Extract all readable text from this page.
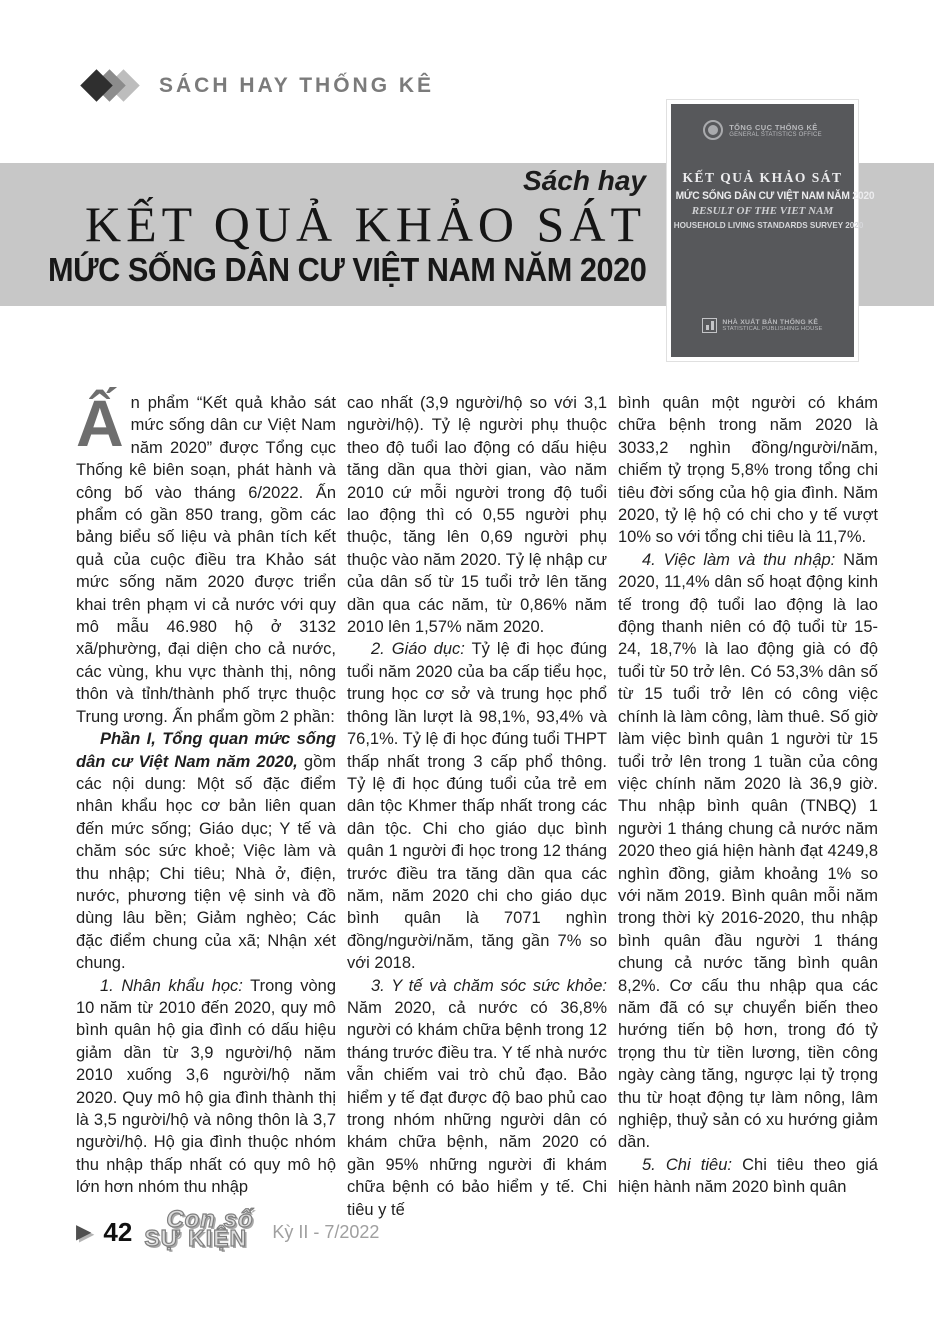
SÁCH HAY THỐNG KÊ
Sách hay
KẾT QUẢ KHẢO SÁT
MỨC SỐNG DÂN CƯ VIỆT NAM NĂM 2020
TỔNG CỤC THỐNG KÊ
GENERAL STATISTICS OFFICE
KẾT QUẢ KHẢO SÁT
MỨC SỐNG DÂN CƯ VIỆT NAM NĂM 2020
RESULT OF THE VIET NAM
HOUSEHOLD LIVING STANDARDS SURVEY 2020
NHÀ XUẤT BẢN THỐNG KÊ
STATISTICAL PUBLISHING HOUSE

Ấn phẩm “Kết quả khảo sát mức sống dân cư Việt Nam năm 2020” được Tổng cục Thống kê biên soạn, phát hành và công bố vào tháng 6/2022. Ấn phẩm có gần 850 trang, gồm các bảng biểu số liệu và phân tích kết quả của cuộc điều tra Khảo sát mức sống năm 2020 được triển khai trên phạm vi cả nước với quy mô mẫu 46.980 hộ ở 3132 xã/phường, đại diện cho cả nước, các vùng, khu vực thành thị, nông thôn và tỉnh/thành phố trực thuộc Trung ương. Ấn phẩm gồm 2 phần:

Phần I, Tổng quan mức sống dân cư Việt Nam năm 2020, gồm các nội dung: Một số đặc điểm nhân khẩu học cơ bản liên quan đến mức sống; Giáo dục; Y tế và chăm sóc sức khoẻ; Việc làm và thu nhập; Chi tiêu; Nhà ở, điện, nước, phương tiện vệ sinh và đồ dùng lâu bền; Giảm nghèo; Các đặc điểm chung của xã; Nhận xét chung.

1. Nhân khẩu học: Trong vòng 10 năm từ 2010 đến 2020, quy mô bình quân hộ gia đình có dấu hiệu giảm dần từ 3,9 người/hộ năm 2010 xuống 3,6 người/hộ năm 2020. Quy mô hộ gia đình thành thị là 3,5 người/hộ và nông thôn là 3,7 người/hộ. Hộ gia đình thuộc nhóm thu nhập thấp nhất có quy mô hộ lớn hơn nhóm thu nhập

cao nhất (3,9 người/hộ so với 3,1 người/hộ). Tỷ lệ người phụ thuộc theo độ tuổi lao động có dấu hiệu tăng dần qua thời gian, vào năm 2010 cứ mỗi người trong độ tuổi lao động thì có 0,55 người phụ thuộc, tăng lên 0,69 người phụ thuộc vào năm 2020. Tỷ lệ nhập cư của dân số từ 15 tuổi trở lên tăng dần qua các năm, từ 0,86% năm 2010 lên 1,57% năm 2020.

2. Giáo dục: Tỷ lệ đi học đúng tuổi năm 2020 của ba cấp tiểu học, trung học cơ sở và trung học phổ thông lần lượt là 98,1%, 93,4% và 76,1%. Tỷ lệ đi học đúng tuổi THPT thấp nhất trong 3 cấp phổ thông. Tỷ lệ đi học đúng tuổi của trẻ em dân tộc Khmer thấp nhất trong các dân tộc. Chi cho giáo dục bình quân 1 người đi học trong 12 tháng trước điều tra tăng dần qua các năm, năm 2020 chi cho giáo dục bình quân là 7071 nghìn đồng/người/năm, tăng gần 7% so với 2018.

3. Y tế và chăm sóc sức khỏe: Năm 2020, cả nước có 36,8% người có khám chữa bệnh trong 12 tháng trước điều tra. Y tế nhà nước vẫn chiếm vai trò chủ đạo. Bảo hiểm y tế đạt được độ bao phủ cao trong nhóm những người dân có khám chữa bệnh, năm 2020 có gần 95% những người đi khám chữa bệnh có bảo hiểm y tế. Chi tiêu y tế

bình quân một người có khám chữa bệnh trong năm 2020 là 3033,2 nghìn đồng/người/năm, chiếm tỷ trọng 5,8% trong tổng chi tiêu đời sống của hộ gia đình. Năm 2020, tỷ lệ hộ có chi cho y tế vượt 10% so với tổng chi tiêu là 11,7%.

4. Việc làm và thu nhập: Năm 2020, 11,4% dân số hoạt động kinh tế trong độ tuổi lao động là lao động thanh niên có độ tuổi từ 15-24, 18,7% là lao động già có độ tuổi từ 50 trở lên. Có 53,3% dân số từ 15 tuổi trở lên có công việc chính là làm công, làm thuê. Số giờ làm việc bình quân 1 người từ 15 tuổi trở lên trong 1 tuần của công việc chính năm 2020 là 36,9 giờ. Thu nhập bình quân (TNBQ) 1 người 1 tháng chung cả nước năm 2020 theo giá hiện hành đạt 4249,8 nghìn đồng, giảm khoảng 1% so với năm 2019. Bình quân mỗi năm trong thời kỳ 2016-2020, thu nhập bình quân đầu người 1 tháng chung cả nước tăng bình quân 8,2%. Cơ cấu thu nhập qua các năm đã có sự chuyển biến theo hướng tiến bộ hơn, trong đó tỷ trọng thu từ tiền lương, tiền công ngày càng tăng, ngược lại tỷ trọng thu từ hoạt động tự làm nông, lâm nghiệp, thuỷ sản có xu hướng giảm dần.

5. Chi tiêu: Chi tiêu theo giá hiện hành năm 2020 bình quân

▶ 42 Con số
SỰ KIỆN Kỳ II - 7/2022
